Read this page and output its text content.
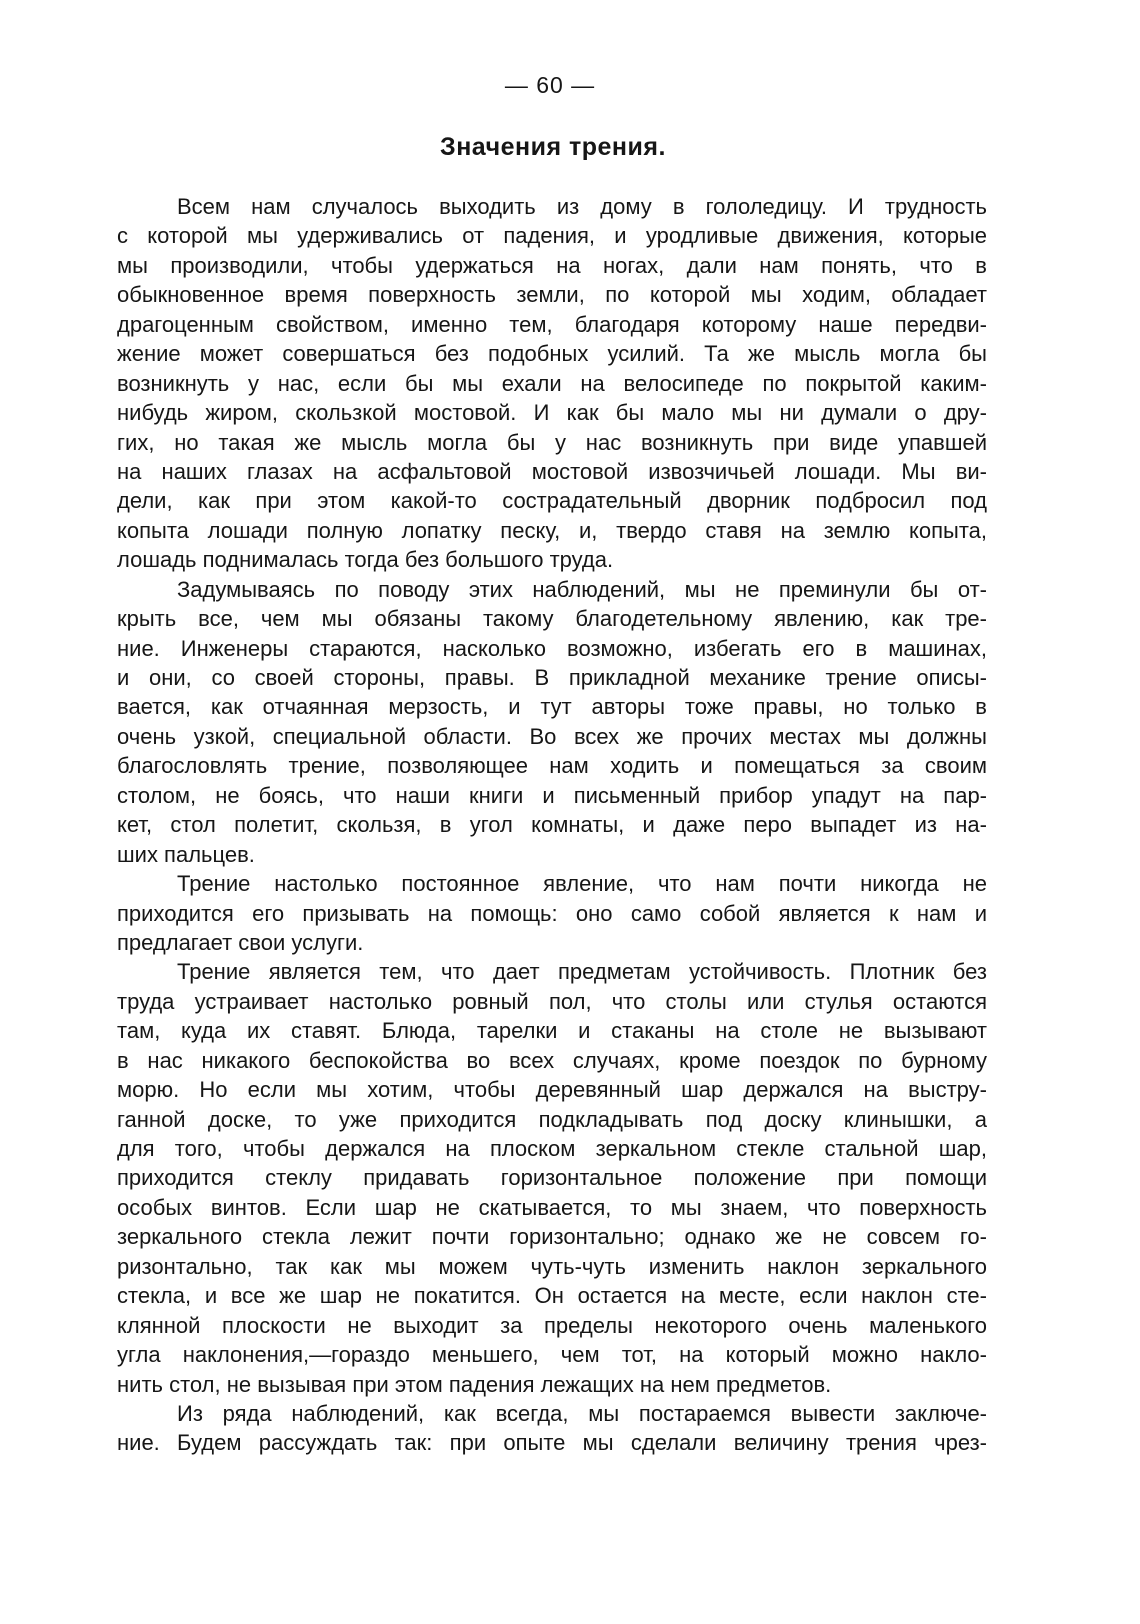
— 60 —
Значения трения.
Всем нам случалось выходить из дому в гололедицу. И трудность
с которой мы удерживались от падения, и уродливые движения, которые
мы производили, чтобы удержаться на ногах, дали нам понять, что в
обыкновенное время поверхность земли, по которой мы ходим, обладает
драгоценным свойством, именно тем, благодаря которому наше передви-
жение может совершаться без подобных усилий. Та же мысль могла бы
возникнуть у нас, если бы мы ехали на велосипеде по покрытой каким-
нибудь жиром, скользкой мостовой. И как бы мало мы ни думали о дру-
гих, но такая же мысль могла бы у нас возникнуть при виде упавшей
на наших глазах на асфальтовой мостовой извозчичьей лошади. Мы ви-
дели, как при этом какой-то сострадательный дворник подбросил под
копыта лошади полную лопатку песку, и, твердо ставя на землю копыта,
лошадь поднималась тогда без большого труда.
Задумываясь по поводу этих наблюдений, мы не преминули бы от-
крыть все, чем мы обязаны такому благодетельному явлению, как тре-
ние. Инженеры стараются, насколько возможно, избегать его в машинах,
и они, со своей стороны, правы. В прикладной механике трение описы-
вается, как отчаянная мерзость, и тут авторы тоже правы, но только в
очень узкой, специальной области. Во всех же прочих местах мы должны
благословлять трение, позволяющее нам ходить и помещаться за своим
столом, не боясь, что наши книги и письменный прибор упадут на пар-
кет, стол полетит, скользя, в угол комнаты, и даже перо выпадет из на-
ших пальцев.
Трение настолько постоянное явление, что нам почти никогда не
приходится его призывать на помощь: оно само собой является к нам и
предлагает свои услуги.
Трение является тем, что дает предметам устойчивость. Плотник без
труда устраивает настолько ровный пол, что столы или стулья остаются
там, куда их ставят. Блюда, тарелки и стаканы на столе не вызывают
в нас никакого беспокойства во всех случаях, кроме поездок по бурному
морю. Но если мы хотим, чтобы деревянный шар держался на выстру-
ганной доске, то уже приходится подкладывать под доску клинышки, а
для того, чтобы держался на плоском зеркальном стекле стальной шар,
приходится стеклу придавать горизонтальное положение при помощи
особых винтов. Если шар не скатывается, то мы знаем, что поверхность
зеркального стекла лежит почти горизонтально; однако же не совсем го-
ризонтально, так как мы можем чуть-чуть изменить наклон зеркального
стекла, и все же шар не покатится. Он остается на месте, если наклон сте-
клянной плоскости не выходит за пределы некоторого очень маленького
угла наклонения,—гораздо меньшего, чем тот, на который можно накло-
нить стол, не вызывая при этом падения лежащих на нем предметов.
Из ряда наблюдений, как всегда, мы постараемся вывести заключе-
ние. Будем рассуждать так: при опыте мы сделали величину трения чрез-
